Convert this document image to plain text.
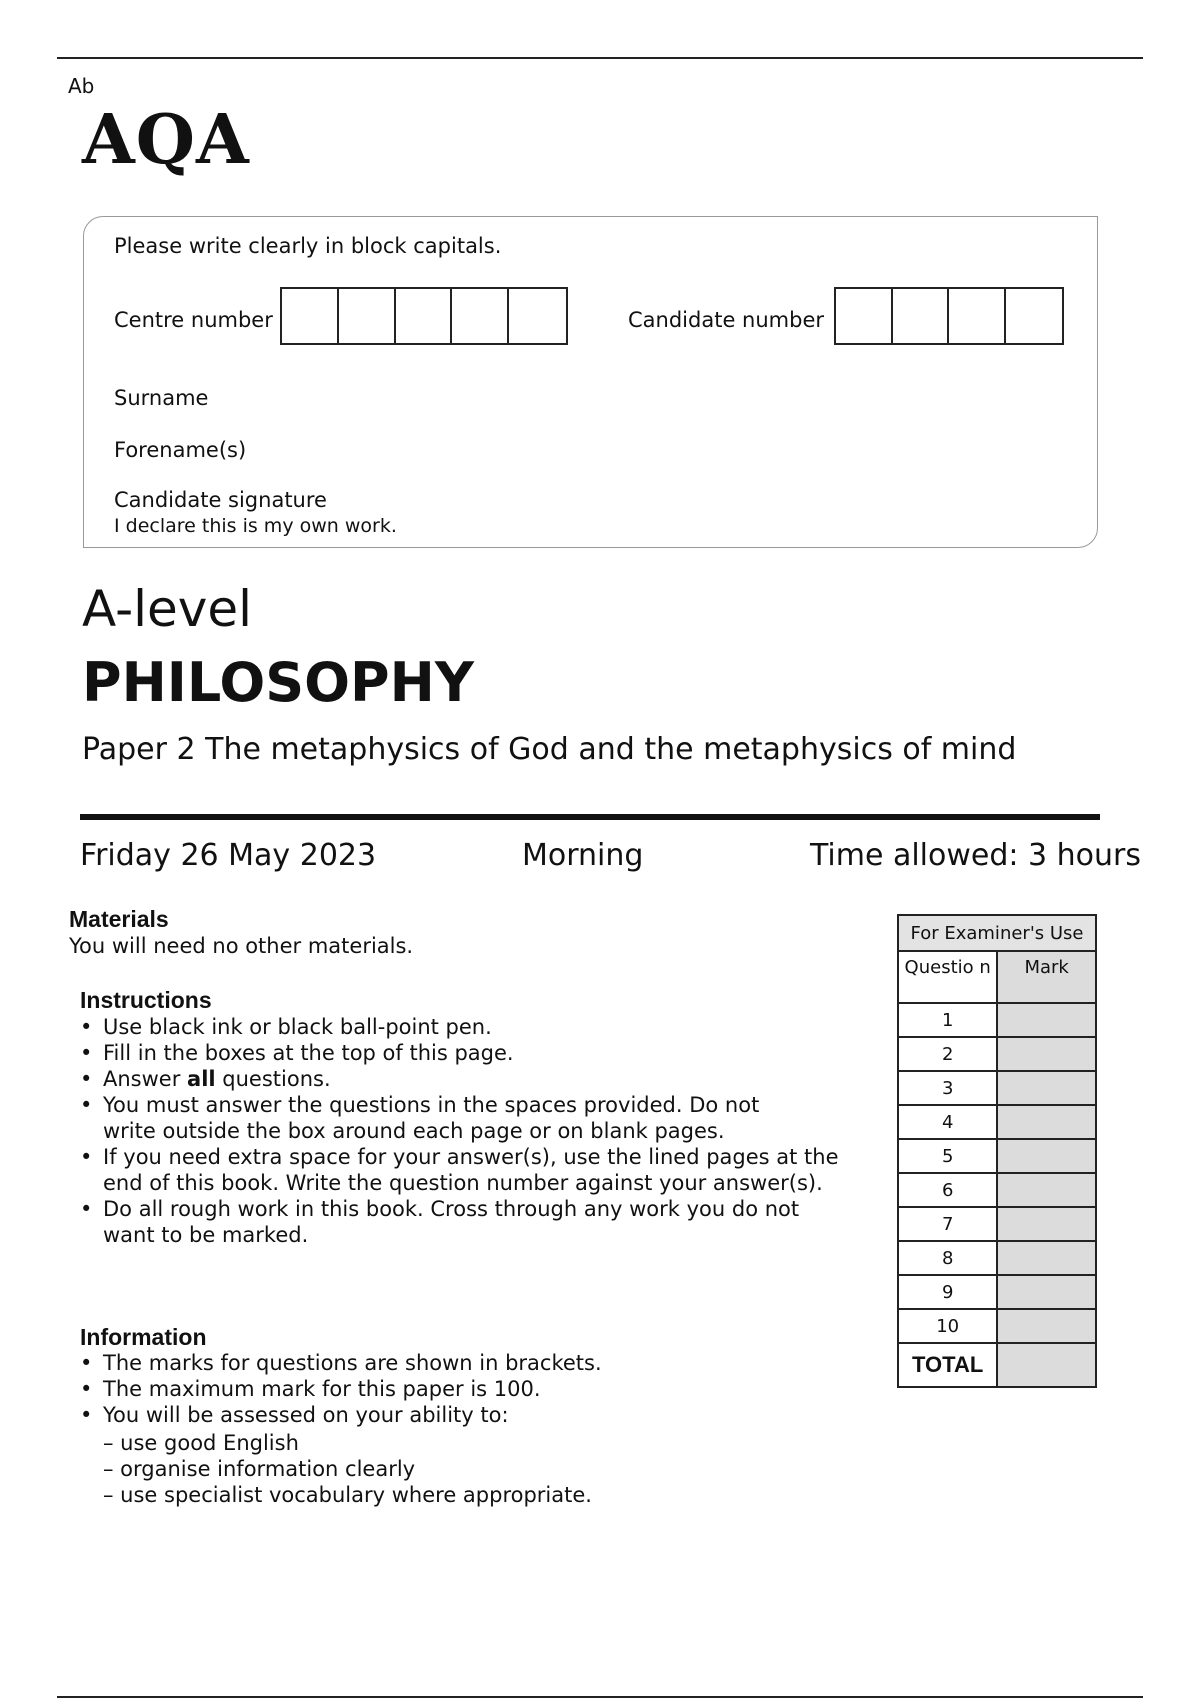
Ab
AQA
Please write clearly in block capitals.
Centre number	Candidate number
Surname
Forename(s)
Candidate signature
I declare this is my own work.
A-level
PHILOSOPHY
Paper 2 The metaphysics of God and the metaphysics of mind
Friday 26 May 2023	Morning	Time allowed: 3 hours
Materials
You will need no other materials.
Instructions
• Use black ink or black ball-point pen.
• Fill in the boxes at the top of this page.
• Answer all questions.
• You must answer the questions in the spaces provided. Do not write outside the box around each page or on blank pages.
• If you need extra space for your answer(s), use the lined pages at the end of this book. Write the question number against your answer(s).
• Do all rough work in this book. Cross through any work you do not want to be marked.
Information
• The marks for questions are shown in brackets.
• The maximum mark for this paper is 100.
• You will be assessed on your ability to:
– use good English
– organise information clearly
– use specialist vocabulary where appropriate.
For Examiner's Use	
Questio n	Mark
1	
2	
3	
4	
5	
6	
7	
8	
9	
10	
TOTAL	
